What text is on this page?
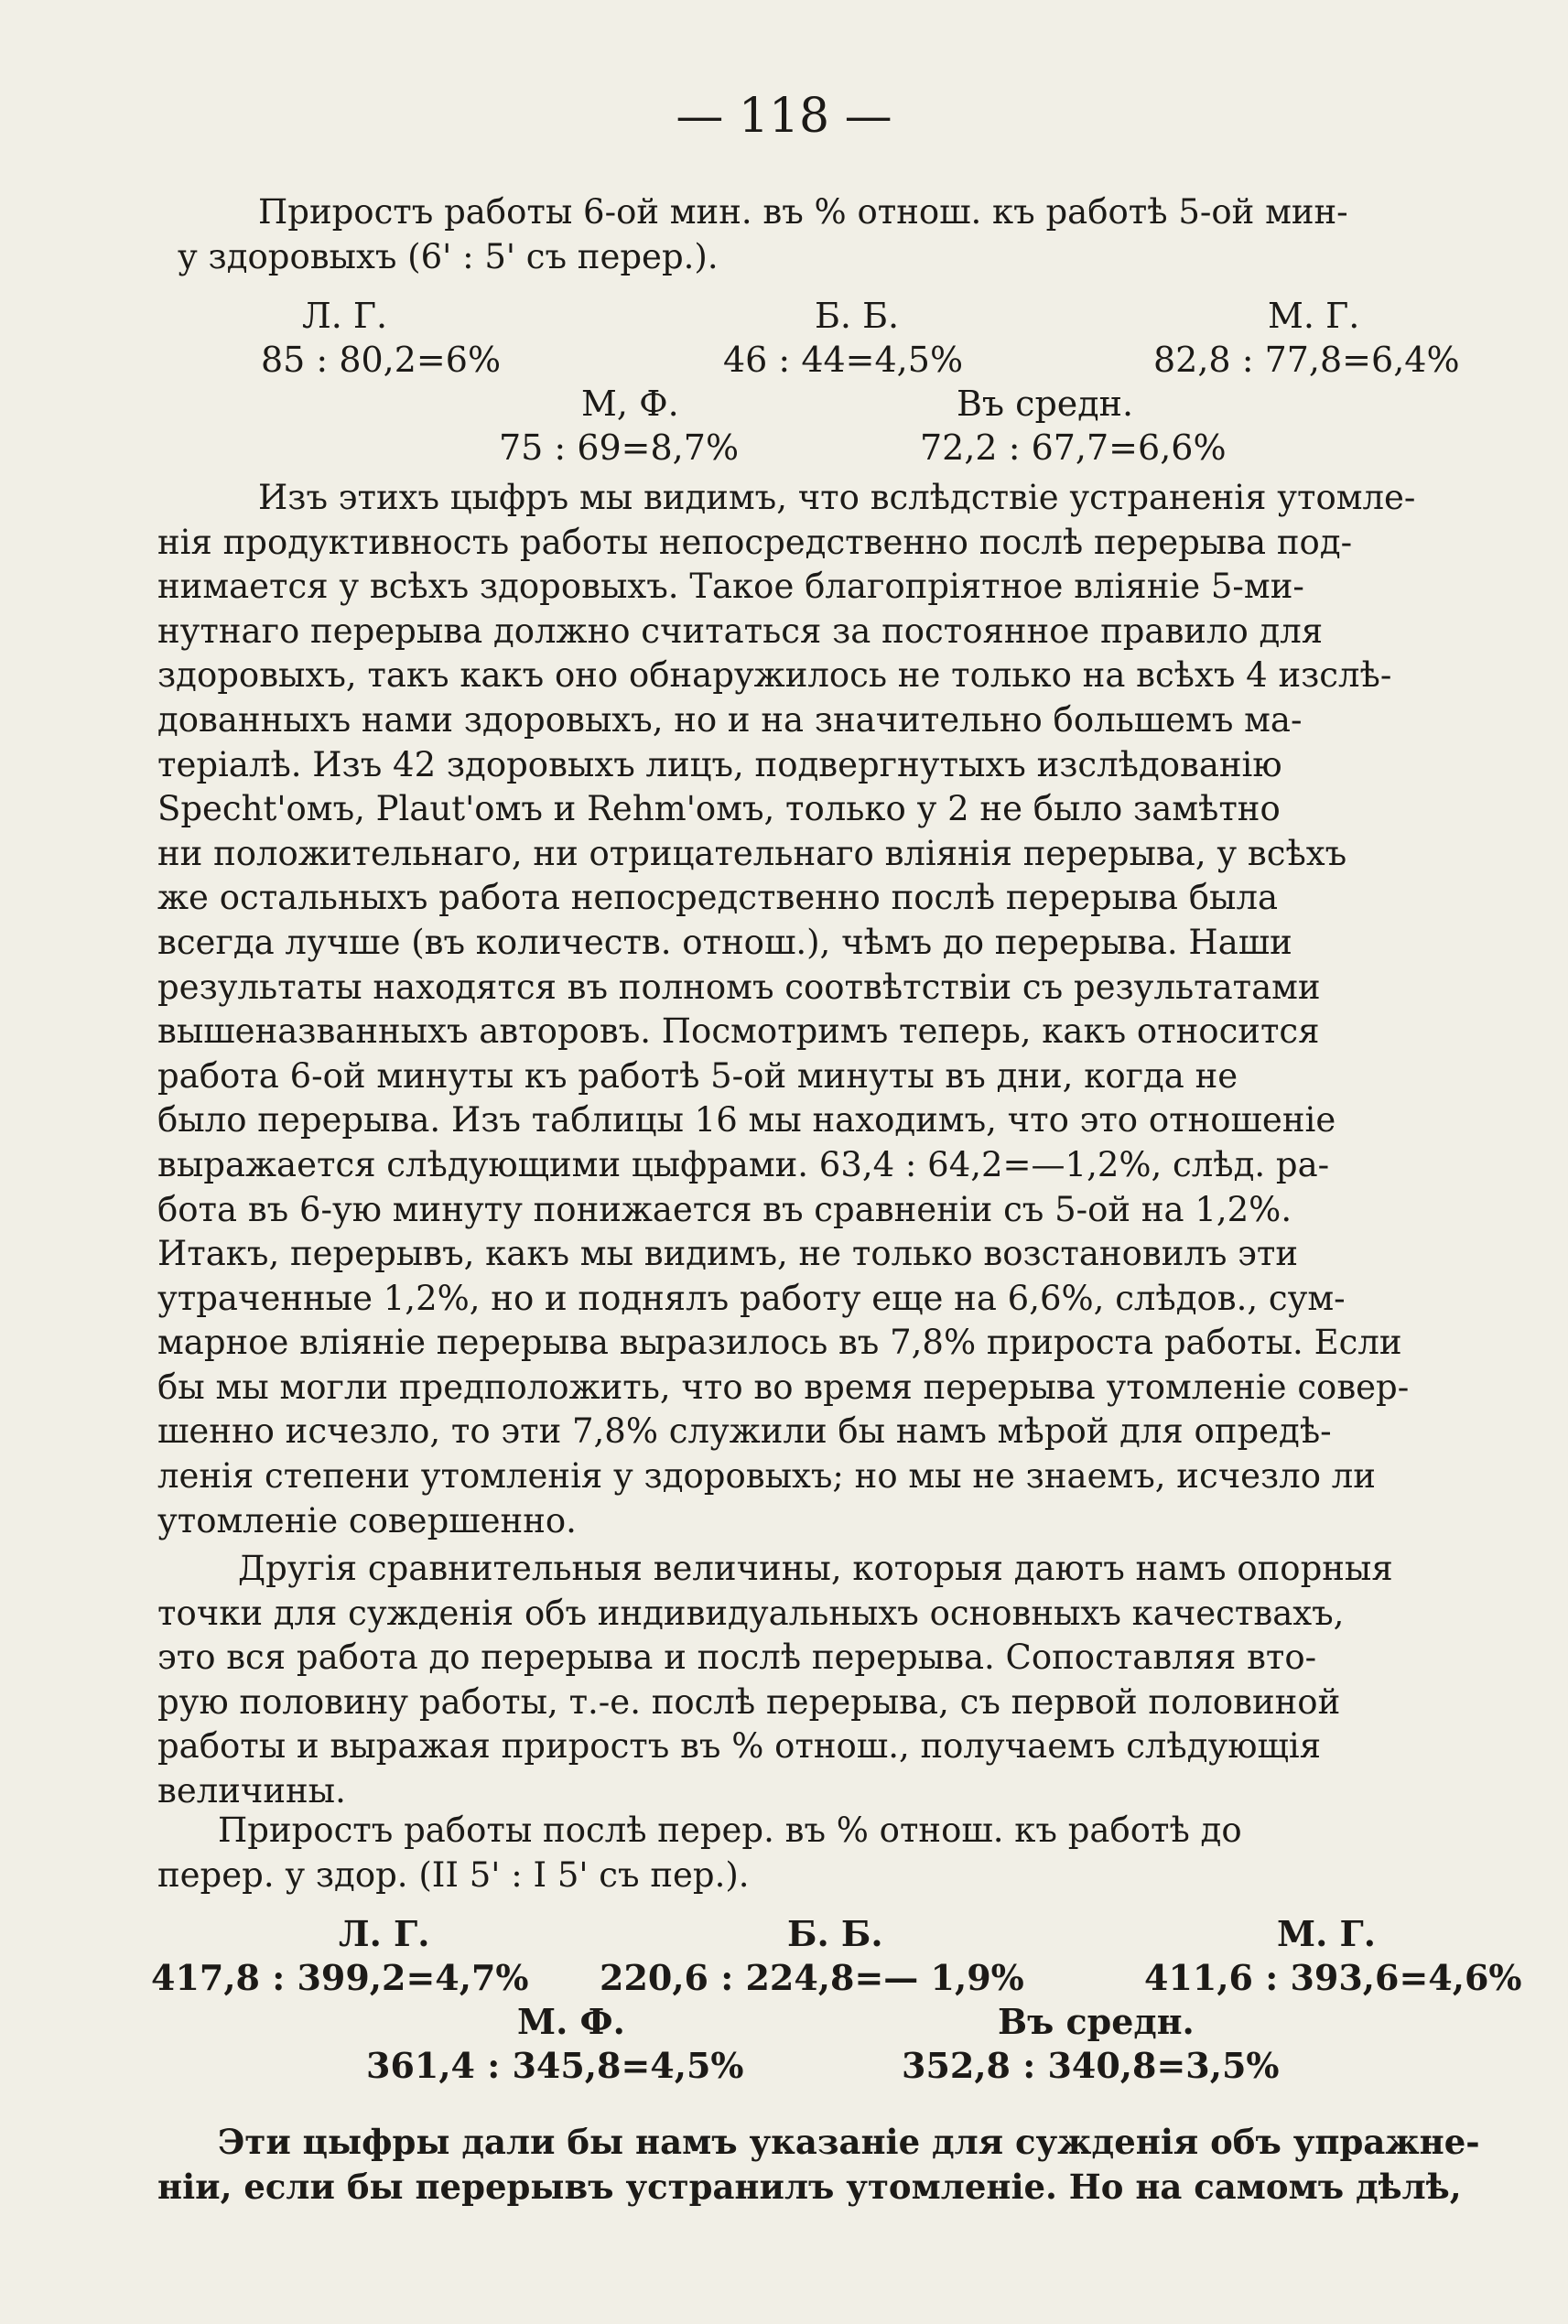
— 118 —

Приростъ работы 6-ой мин. въ % отнош. къ работѣ 5-ой мин-
у здоровыхъ (6' : 5' съ перер.).

Л. Г.	Б. Б.	М. Г.
85 : 80,2=6%	46 : 44=4,5%	82,8 : 77,8=6,4%
М, Ф.	Въ средн.
75 : 69=8,7%	72,2 : 67,7=6,6%
Изъ этихъ цыфръ мы видимъ, что вслѣдствіе устраненія утомле-
нія продуктивность работы непосредственно послѣ перерыва под-
нимается у всѣхъ здоровыхъ. Такое благопріятное вліяніе 5-ми-
нутнаго перерыва должно считаться за постоянное правило для
здоровыхъ, такъ какъ оно обнаружилось не только на всѣхъ 4 изслѣ-
дованныхъ нами здоровыхъ, но и на значительно большемъ ма-
теріалѣ. Изъ 42 здоровыхъ лицъ, подвергнутыхъ изслѣдованію
Specht'омъ, Plaut'омъ и Rehm'омъ, только у 2 не было замѣтно
ни положительнаго, ни отрицательнаго вліянія перерыва, у всѣхъ
же остальныхъ работа непосредственно послѣ перерыва была
всегда лучше (въ количеств. отнош.), чѣмъ до перерыва. Наши
результаты находятся въ полномъ соотвѣтствіи съ результатами
вышеназванныхъ авторовъ. Посмотримъ теперь, какъ относится
работа 6-ой минуты къ работѣ 5-ой минуты въ дни, когда не
было перерыва. Изъ таблицы 16 мы находимъ, что это отношеніе
выражается слѣдующими цыфрами. 63,4 : 64,2=—1,2%, слѣд. ра-
бота въ 6-ую минуту понижается въ сравненіи съ 5-ой на 1,2%.
Итакъ, перерывъ, какъ мы видимъ, не только возстановилъ эти
утраченные 1,2%, но и поднялъ работу еще на 6,6%, слѣдов., сум-
марное вліяніе перерыва выразилось въ 7,8% прироста работы. Если
бы мы могли предположить, что во время перерыва утомленіе совер-
шенно исчезло, то эти 7,8% служили бы намъ мѣрой для опредѣ-
ленія степени утомленія у здоровыхъ; но мы не знаемъ, исчезло ли
утомленіе совершенно.
Другія сравнительныя величины, которыя даютъ намъ опорныя
точки для сужденія объ индивидуальныхъ основныхъ качествахъ,
это вся работа до перерыва и послѣ перерыва. Сопоставляя вто-
рую половину работы, т.-е. послѣ перерыва, съ первой половиной
работы и выражая приростъ въ % отнош., получаемъ слѣдующія
величины.
Приростъ работы послѣ перер. въ % отнош. къ работѣ до
перер. у здор. (II 5' : I 5' съ пер.).
Л. Г.	Б. Б.	М. Г.
417,8 : 399,2=4,7% 220,6 : 224,8=— 1,9%	411,6 : 393,6=4,6%
М. Ф.	Въ средн.
361,4 : 345,8=4,5%	352,8 : 340,8=3,5%
Эти цыфры дали бы намъ указаніе для сужденія объ упражне-
ніи, если бы перерывъ устранилъ утомленіе. Но на самомъ дѣлѣ,
